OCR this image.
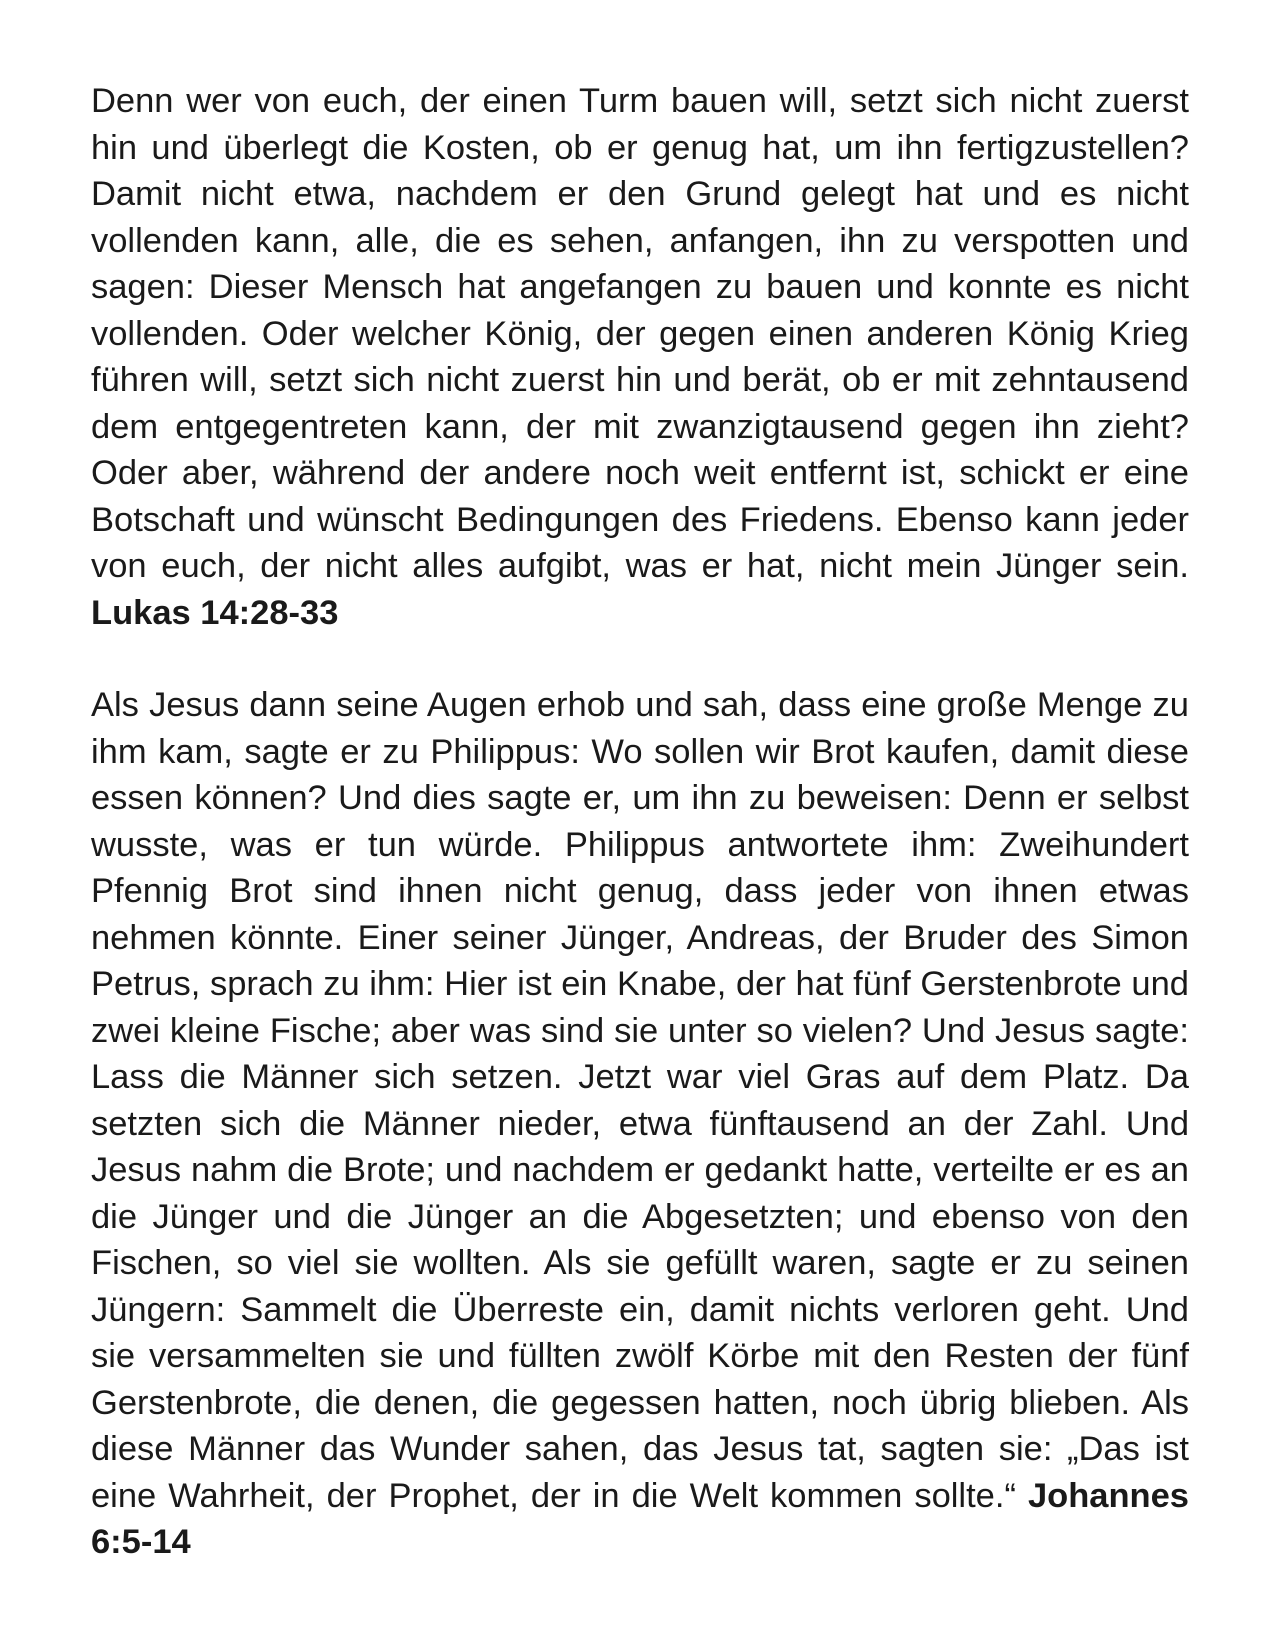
Denn wer von euch, der einen Turm bauen will, setzt sich nicht zuerst hin und überlegt die Kosten, ob er genug hat, um ihn fertigzustellen? Damit nicht etwa, nachdem er den Grund gelegt hat und es nicht vollenden kann, alle, die es sehen, anfangen, ihn zu verspotten und sagen: Dieser Mensch hat angefangen zu bauen und konnte es nicht vollenden. Oder welcher König, der gegen einen anderen König Krieg führen will, setzt sich nicht zuerst hin und berät, ob er mit zehntausend dem entgegentreten kann, der mit zwanzigtausend gegen ihn zieht? Oder aber, während der andere noch weit entfernt ist, schickt er eine Botschaft und wünscht Bedingungen des Friedens. Ebenso kann jeder von euch, der nicht alles aufgibt, was er hat, nicht mein Jünger sein. Lukas 14:28-33

Als Jesus dann seine Augen erhob und sah, dass eine große Menge zu ihm kam, sagte er zu Philippus: Wo sollen wir Brot kaufen, damit diese essen können? Und dies sagte er, um ihn zu beweisen: Denn er selbst wusste, was er tun würde. Philippus antwortete ihm: Zweihundert Pfennig Brot sind ihnen nicht genug, dass jeder von ihnen etwas nehmen könnte. Einer seiner Jünger, Andreas, der Bruder des Simon Petrus, sprach zu ihm: Hier ist ein Knabe, der hat fünf Gerstenbrote und zwei kleine Fische; aber was sind sie unter so vielen? Und Jesus sagte: Lass die Männer sich setzen. Jetzt war viel Gras auf dem Platz. Da setzten sich die Männer nieder, etwa fünftausend an der Zahl. Und Jesus nahm die Brote; und nachdem er gedankt hatte, verteilte er es an die Jünger und die Jünger an die Abgesetzten; und ebenso von den Fischen, so viel sie wollten. Als sie gefüllt waren, sagte er zu seinen Jüngern: Sammelt die Überreste ein, damit nichts verloren geht. Und sie versammelten sie und füllten zwölf Körbe mit den Resten der fünf Gerstenbrote, die denen, die gegessen hatten, noch übrig blieben. Als diese Männer das Wunder sahen, das Jesus tat, sagten sie: „Das ist eine Wahrheit, der Prophet, der in die Welt kommen sollte.“ Johannes 6:5-14
